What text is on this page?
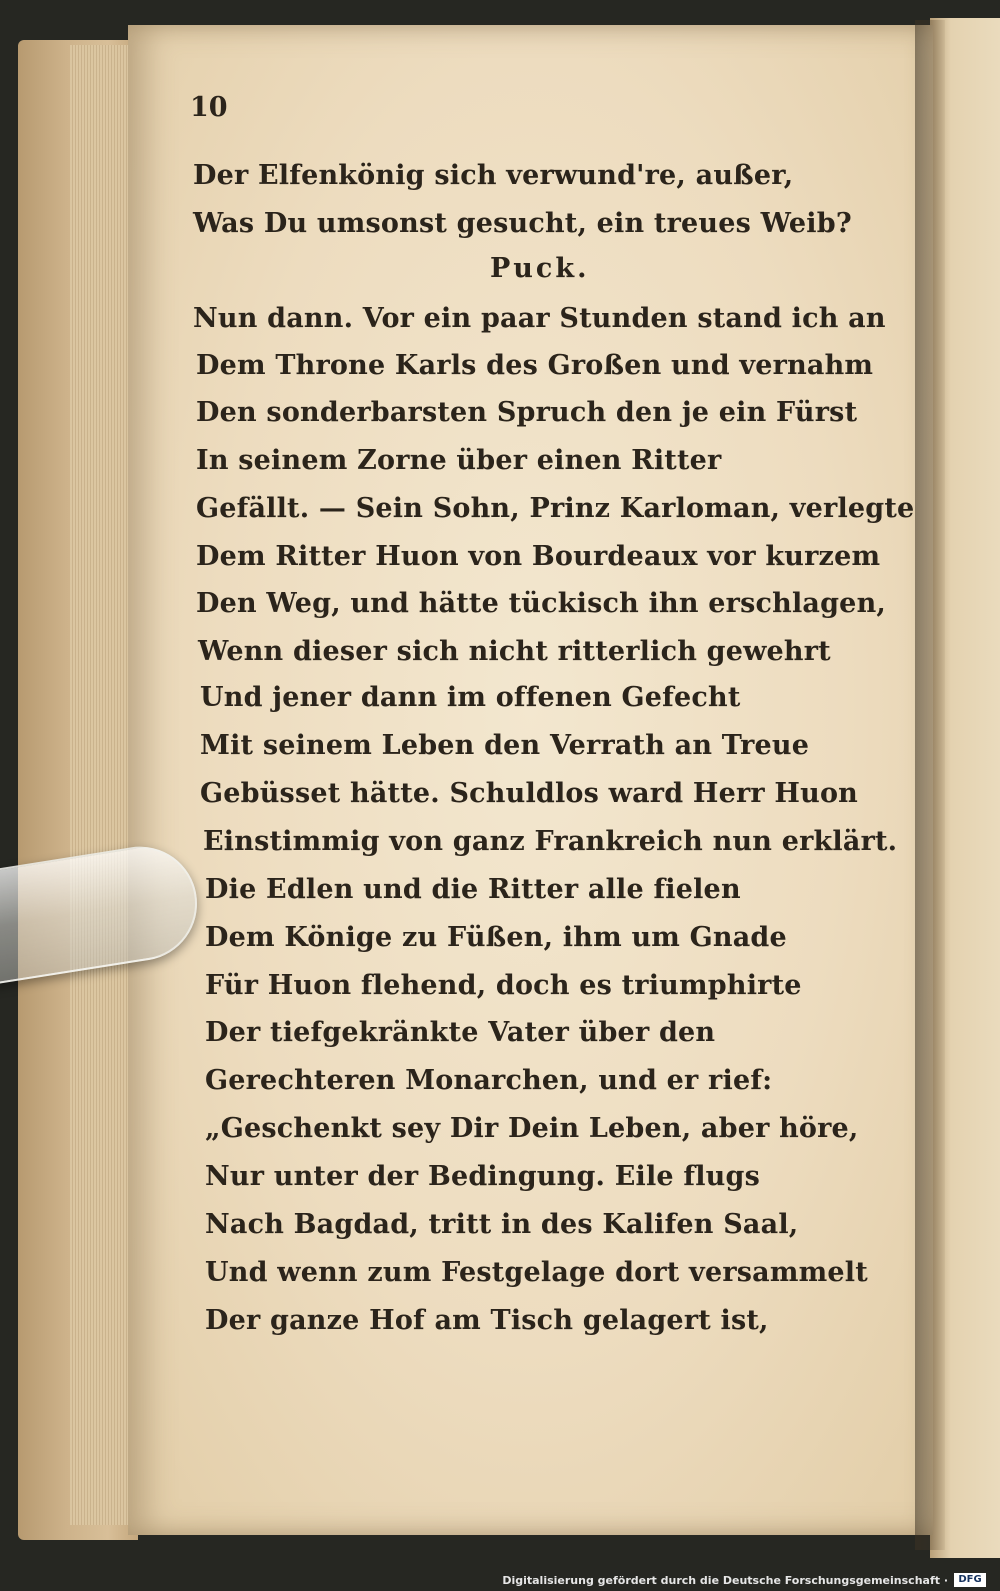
10
Der Elfenkönig sich verwund're, außer,
Was Du umsonst gesucht, ein treues Weib?
Puck.
Nun dann. Vor ein paar Stunden stand ich an
Dem Throne Karls des Großen und vernahm
Den sonderbarsten Spruch den je ein Fürst
In seinem Zorne über einen Ritter
Gefällt. — Sein Sohn, Prinz Karloman, verlegte
Dem Ritter Huon von Bourdeaux vor kurzem
Den Weg, und hätte tückisch ihn erschlagen,
Wenn dieser sich nicht ritterlich gewehrt
Und jener dann im offenen Gefecht
Mit seinem Leben den Verrath an Treue
Gebüsset hätte. Schuldlos ward Herr Huon
Einstimmig von ganz Frankreich nun erklärt.
Die Edlen und die Ritter alle fielen
Dem Könige zu Füßen, ihm um Gnade
Für Huon flehend, doch es triumphirte
Der tiefgekränkte Vater über den
Gerechteren Monarchen, und er rief:
„Geschenkt sey Dir Dein Leben, aber höre,
Nur unter der Bedingung. Eile flugs
Nach Bagdad, tritt in des Kalifen Saal,
Und wenn zum Festgelage dort versammelt
Der ganze Hof am Tisch gelagert ist,
Digitalisierung gefördert durch die Deutsche Forschungsgemeinschaft ·	DFG
